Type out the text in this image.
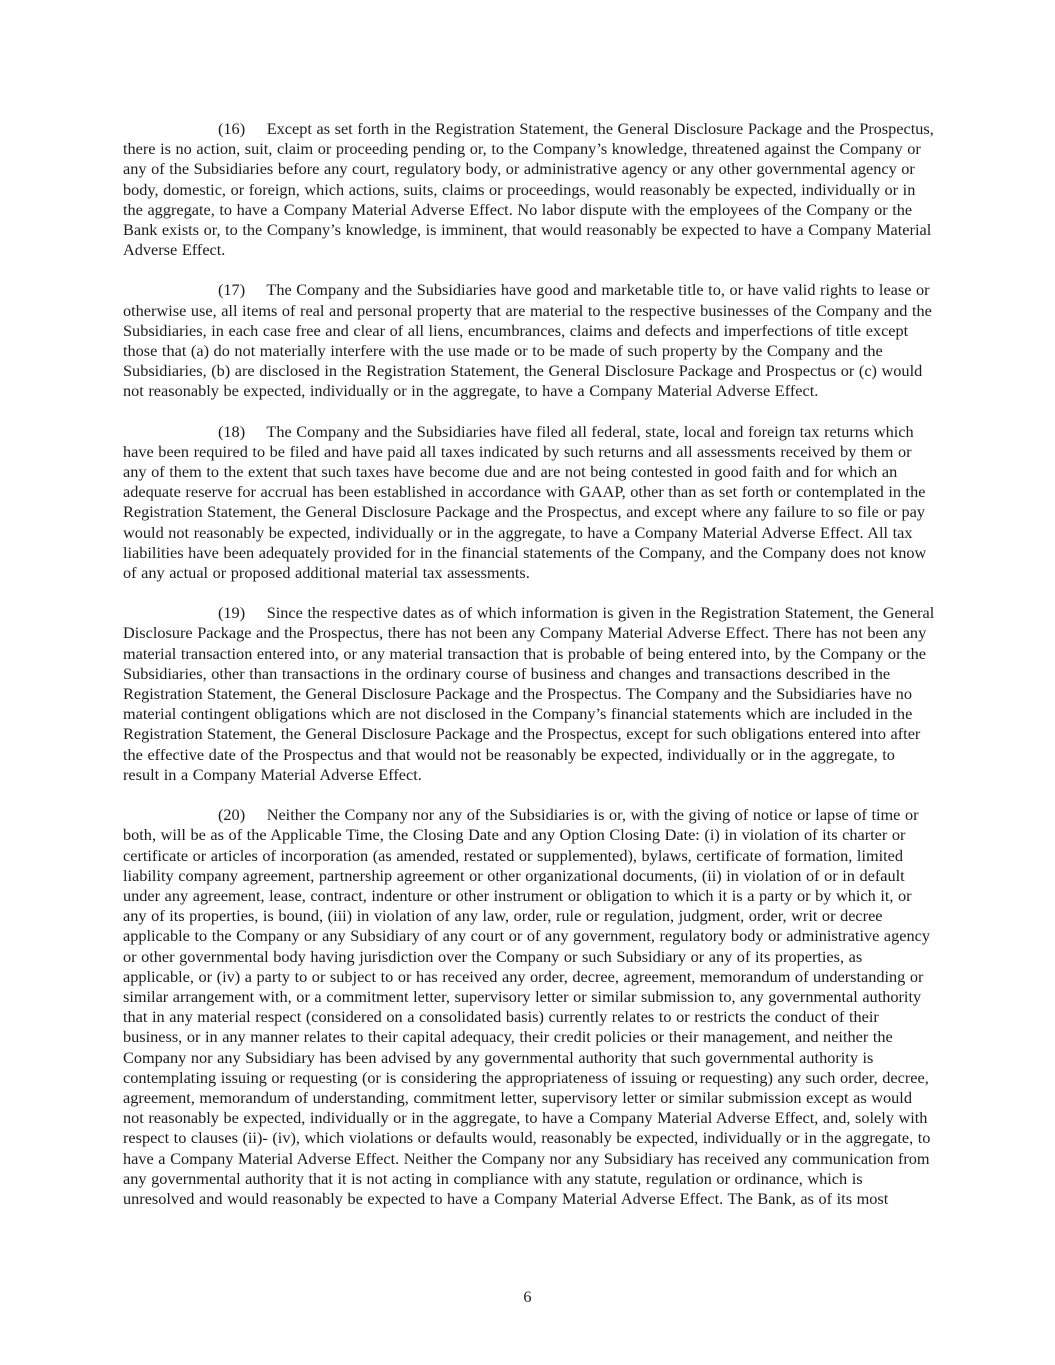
(16) Except as set forth in the Registration Statement, the General Disclosure Package and the Prospectus, there is no action, suit, claim or proceeding pending or, to the Company’s knowledge, threatened against the Company or any of the Subsidiaries before any court, regulatory body, or administrative agency or any other governmental agency or body, domestic, or foreign, which actions, suits, claims or proceedings, would reasonably be expected, individually or in the aggregate, to have a Company Material Adverse Effect. No labor dispute with the employees of the Company or the Bank exists or, to the Company’s knowledge, is imminent, that would reasonably be expected to have a Company Material Adverse Effect.

(17) The Company and the Subsidiaries have good and marketable title to, or have valid rights to lease or otherwise use, all items of real and personal property that are material to the respective businesses of the Company and the Subsidiaries, in each case free and clear of all liens, encumbrances, claims and defects and imperfections of title except those that (a) do not materially interfere with the use made or to be made of such property by the Company and the Subsidiaries, (b) are disclosed in the Registration Statement, the General Disclosure Package and Prospectus or (c) would not reasonably be expected, individually or in the aggregate, to have a Company Material Adverse Effect.

(18) The Company and the Subsidiaries have filed all federal, state, local and foreign tax returns which have been required to be filed and have paid all taxes indicated by such returns and all assessments received by them or any of them to the extent that such taxes have become due and are not being contested in good faith and for which an adequate reserve for accrual has been established in accordance with GAAP, other than as set forth or contemplated in the Registration Statement, the General Disclosure Package and the Prospectus, and except where any failure to so file or pay would not reasonably be expected, individually or in the aggregate, to have a Company Material Adverse Effect. All tax liabilities have been adequately provided for in the financial statements of the Company, and the Company does not know of any actual or proposed additional material tax assessments.

(19) Since the respective dates as of which information is given in the Registration Statement, the General Disclosure Package and the Prospectus, there has not been any Company Material Adverse Effect. There has not been any material transaction entered into, or any material transaction that is probable of being entered into, by the Company or the Subsidiaries, other than transactions in the ordinary course of business and changes and transactions described in the Registration Statement, the General Disclosure Package and the Prospectus. The Company and the Subsidiaries have no material contingent obligations which are not disclosed in the Company’s financial statements which are included in the Registration Statement, the General Disclosure Package and the Prospectus, except for such obligations entered into after the effective date of the Prospectus and that would not be reasonably be expected, individually or in the aggregate, to result in a Company Material Adverse Effect.

(20) Neither the Company nor any of the Subsidiaries is or, with the giving of notice or lapse of time or both, will be as of the Applicable Time, the Closing Date and any Option Closing Date: (i) in violation of its charter or certificate or articles of incorporation (as amended, restated or supplemented), bylaws, certificate of formation, limited liability company agreement, partnership agreement or other organizational documents, (ii) in violation of or in default under any agreement, lease, contract, indenture or other instrument or obligation to which it is a party or by which it, or any of its properties, is bound, (iii) in violation of any law, order, rule or regulation, judgment, order, writ or decree applicable to the Company or any Subsidiary of any court or of any government, regulatory body or administrative agency or other governmental body having jurisdiction over the Company or such Subsidiary or any of its properties, as applicable, or (iv) a party to or subject to or has received any order, decree, agreement, memorandum of understanding or similar arrangement with, or a commitment letter, supervisory letter or similar submission to, any governmental authority that in any material respect (considered on a consolidated basis) currently relates to or restricts the conduct of their business, or in any manner relates to their capital adequacy, their credit policies or their management, and neither the Company nor any Subsidiary has been advised by any governmental authority that such governmental authority is contemplating issuing or requesting (or is considering the appropriateness of issuing or requesting) any such order, decree, agreement, memorandum of understanding, commitment letter, supervisory letter or similar submission except as would not reasonably be expected, individually or in the aggregate, to have a Company Material Adverse Effect, and, solely with respect to clauses (ii)- (iv), which violations or defaults would, reasonably be expected, individually or in the aggregate, to have a Company Material Adverse Effect. Neither the Company nor any Subsidiary has received any communication from any governmental authority that it is not acting in compliance with any statute, regulation or ordinance, which is unresolved and would reasonably be expected to have a Company Material Adverse Effect. The Bank, as of its most

6
